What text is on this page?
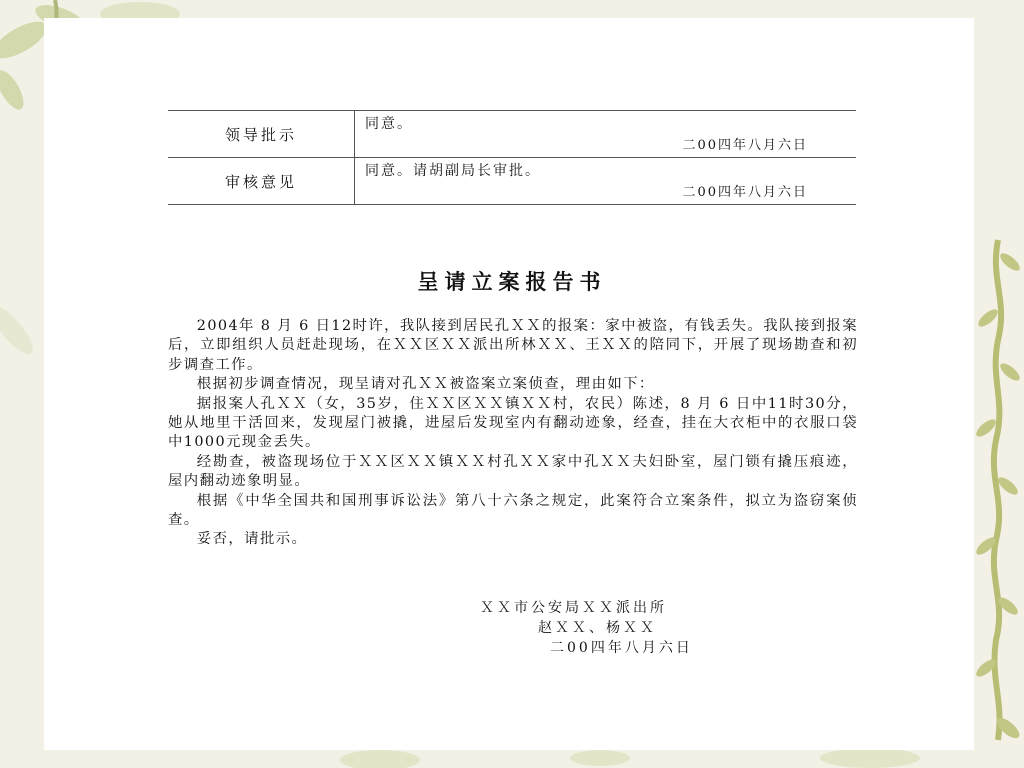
领导批示
同意。
二00四年八月六日
审核意见
同意。请胡副局长审批。
二00四年八月六日
呈请立案报告书

2004年 8 月 6 日12时许，我队接到居民孔ＸＸ的报案：家中被盗，有钱丢失。我队接到报案后，立即组织人员赶赴现场，在ＸＸ区ＸＸ派出所林ＸＸ、王ＸＸ的陪同下，开展了现场勘查和初步调查工作。

根据初步调查情况，现呈请对孔ＸＸ被盗案立案侦查，理由如下：

据报案人孔ＸＸ（女，35岁，住ＸＸ区ＸＸ镇ＸＸ村，农民）陈述，8 月 6 日中11时30分，她从地里干活回来，发现屋门被撬，进屋后发现室内有翻动迹象，经查，挂在大衣柜中的衣服口袋中1000元现金丢失。

经勘查，被盗现场位于ＸＸ区ＸＸ镇ＸＸ村孔ＸＸ家中孔ＸＸ夫妇卧室，屋门锁有撬压痕迹，屋内翻动迹象明显。

根据《中华全国共和国刑事诉讼法》第八十六条之规定，此案符合立案条件，拟立为盗窃案侦查。

妥否，请批示。

ＸＸ市公安局ＸＸ派出所
赵ＸＸ、杨ＸＸ
二00四年八月六日
